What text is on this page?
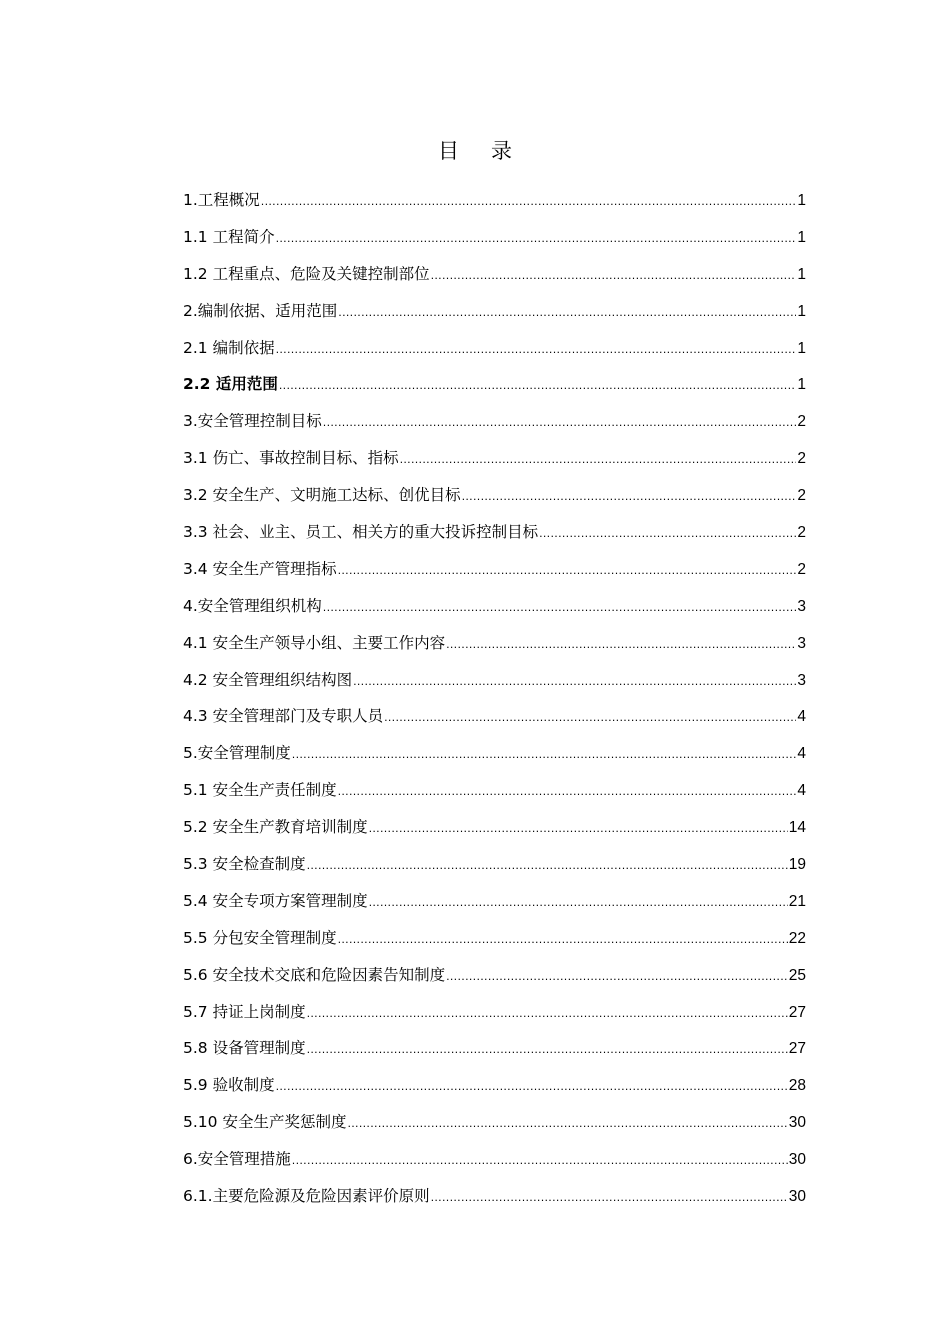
目 录
1.工程概况 .....	1
1.1 工程简介 .....	1
1.2 工程重点、危险及关键控制部位 .....	1
2.编制依据、适用范围 .....	1
2.1 编制依据 .....	1
2.2 适用范围 .....	1
3.安全管理控制目标 .....	2
3.1 伤亡、事故控制目标、指标 .....	2
3.2 安全生产、文明施工达标、创优目标 .....	2
3.3 社会、业主、员工、相关方的重大投诉控制目标 .....	2
3.4 安全生产管理指标 .....	2
4.安全管理组织机构 .....	3
4.1 安全生产领导小组、主要工作内容 .....	3
4.2 安全管理组织结构图 .....	3
4.3 安全管理部门及专职人员 .....	4
5.安全管理制度 .....	4
5.1 安全生产责任制度 .....	4
5.2 安全生产教育培训制度 .....	14
5.3 安全检查制度 .....	19
5.4 安全专项方案管理制度 .....	21
5.5 分包安全管理制度 .....	22
5.6 安全技术交底和危险因素告知制度 .....	25
5.7 持证上岗制度 .....	27
5.8 设备管理制度 .....	27
5.9 验收制度 .....	28
5.10 安全生产奖惩制度 .....	30
6.安全管理措施 .....	30
6.1.主要危险源及危险因素评价原则 .....	30
